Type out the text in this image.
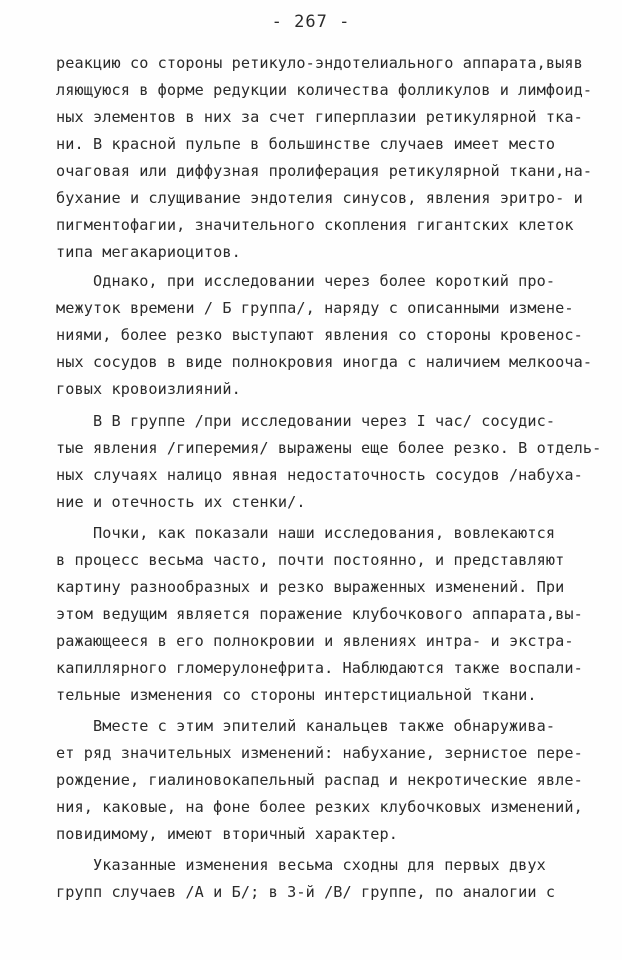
- 267 -
реакцию со стороны ретикуло-эндотелиального аппарата,выяв
ляющуюся в форме редукции количества фолликулов и лимфоид-
ных элементов в них за счет гиперплазии ретикулярной тка-
ни. В красной пульпе в большинстве случаев имеет место
очаговая или диффузная пролиферация ретикулярной ткани,на-
бухание и слущивание эндотелия синусов, явления эритро- и
пигментофагии, значительного скопления гигантских клеток
типа мегакариоцитов.
Однако, при исследовании через более короткий про-
межуток времени / Б группа/, наряду с описанными измене-
ниями, более резко выступают явления со стороны кровенос-
ных сосудов в виде полнокровия иногда с наличием мелкооча-
говых кровоизлияний.
В В группе /при исследовании через I час/ сосудис-
тые явления /гиперемия/ выражены еще более резко. В отдель-
ных случаях налицо явная недостаточность сосудов /набуха-
ние и отечность их стенки/.
Почки, как показали наши исследования, вовлекаются
в процесс весьма часто, почти постоянно, и представляют
картину разнообразных и резко выраженных изменений. При
этом ведущим является поражение клубочкового аппарата,вы-
ражающееся в его полнокровии и явлениях интра- и экстра-
капиллярного гломерулонефрита. Наблюдаются также воспали-
тельные изменения со стороны интерстициальной ткани.
Вместе с этим эпителий канальцев также обнаружива-
ет ряд значительных изменений: набухание, зернистое пере-
рождение, гиалиновокапельный распад и некротические явле-
ния, каковые, на фоне более резких клубочковых изменений,
повидимому, имеют вторичный характер.
Указанные изменения весьма сходны для первых двух
групп случаев /А и Б/; в 3-й /В/ группе, по аналогии с
